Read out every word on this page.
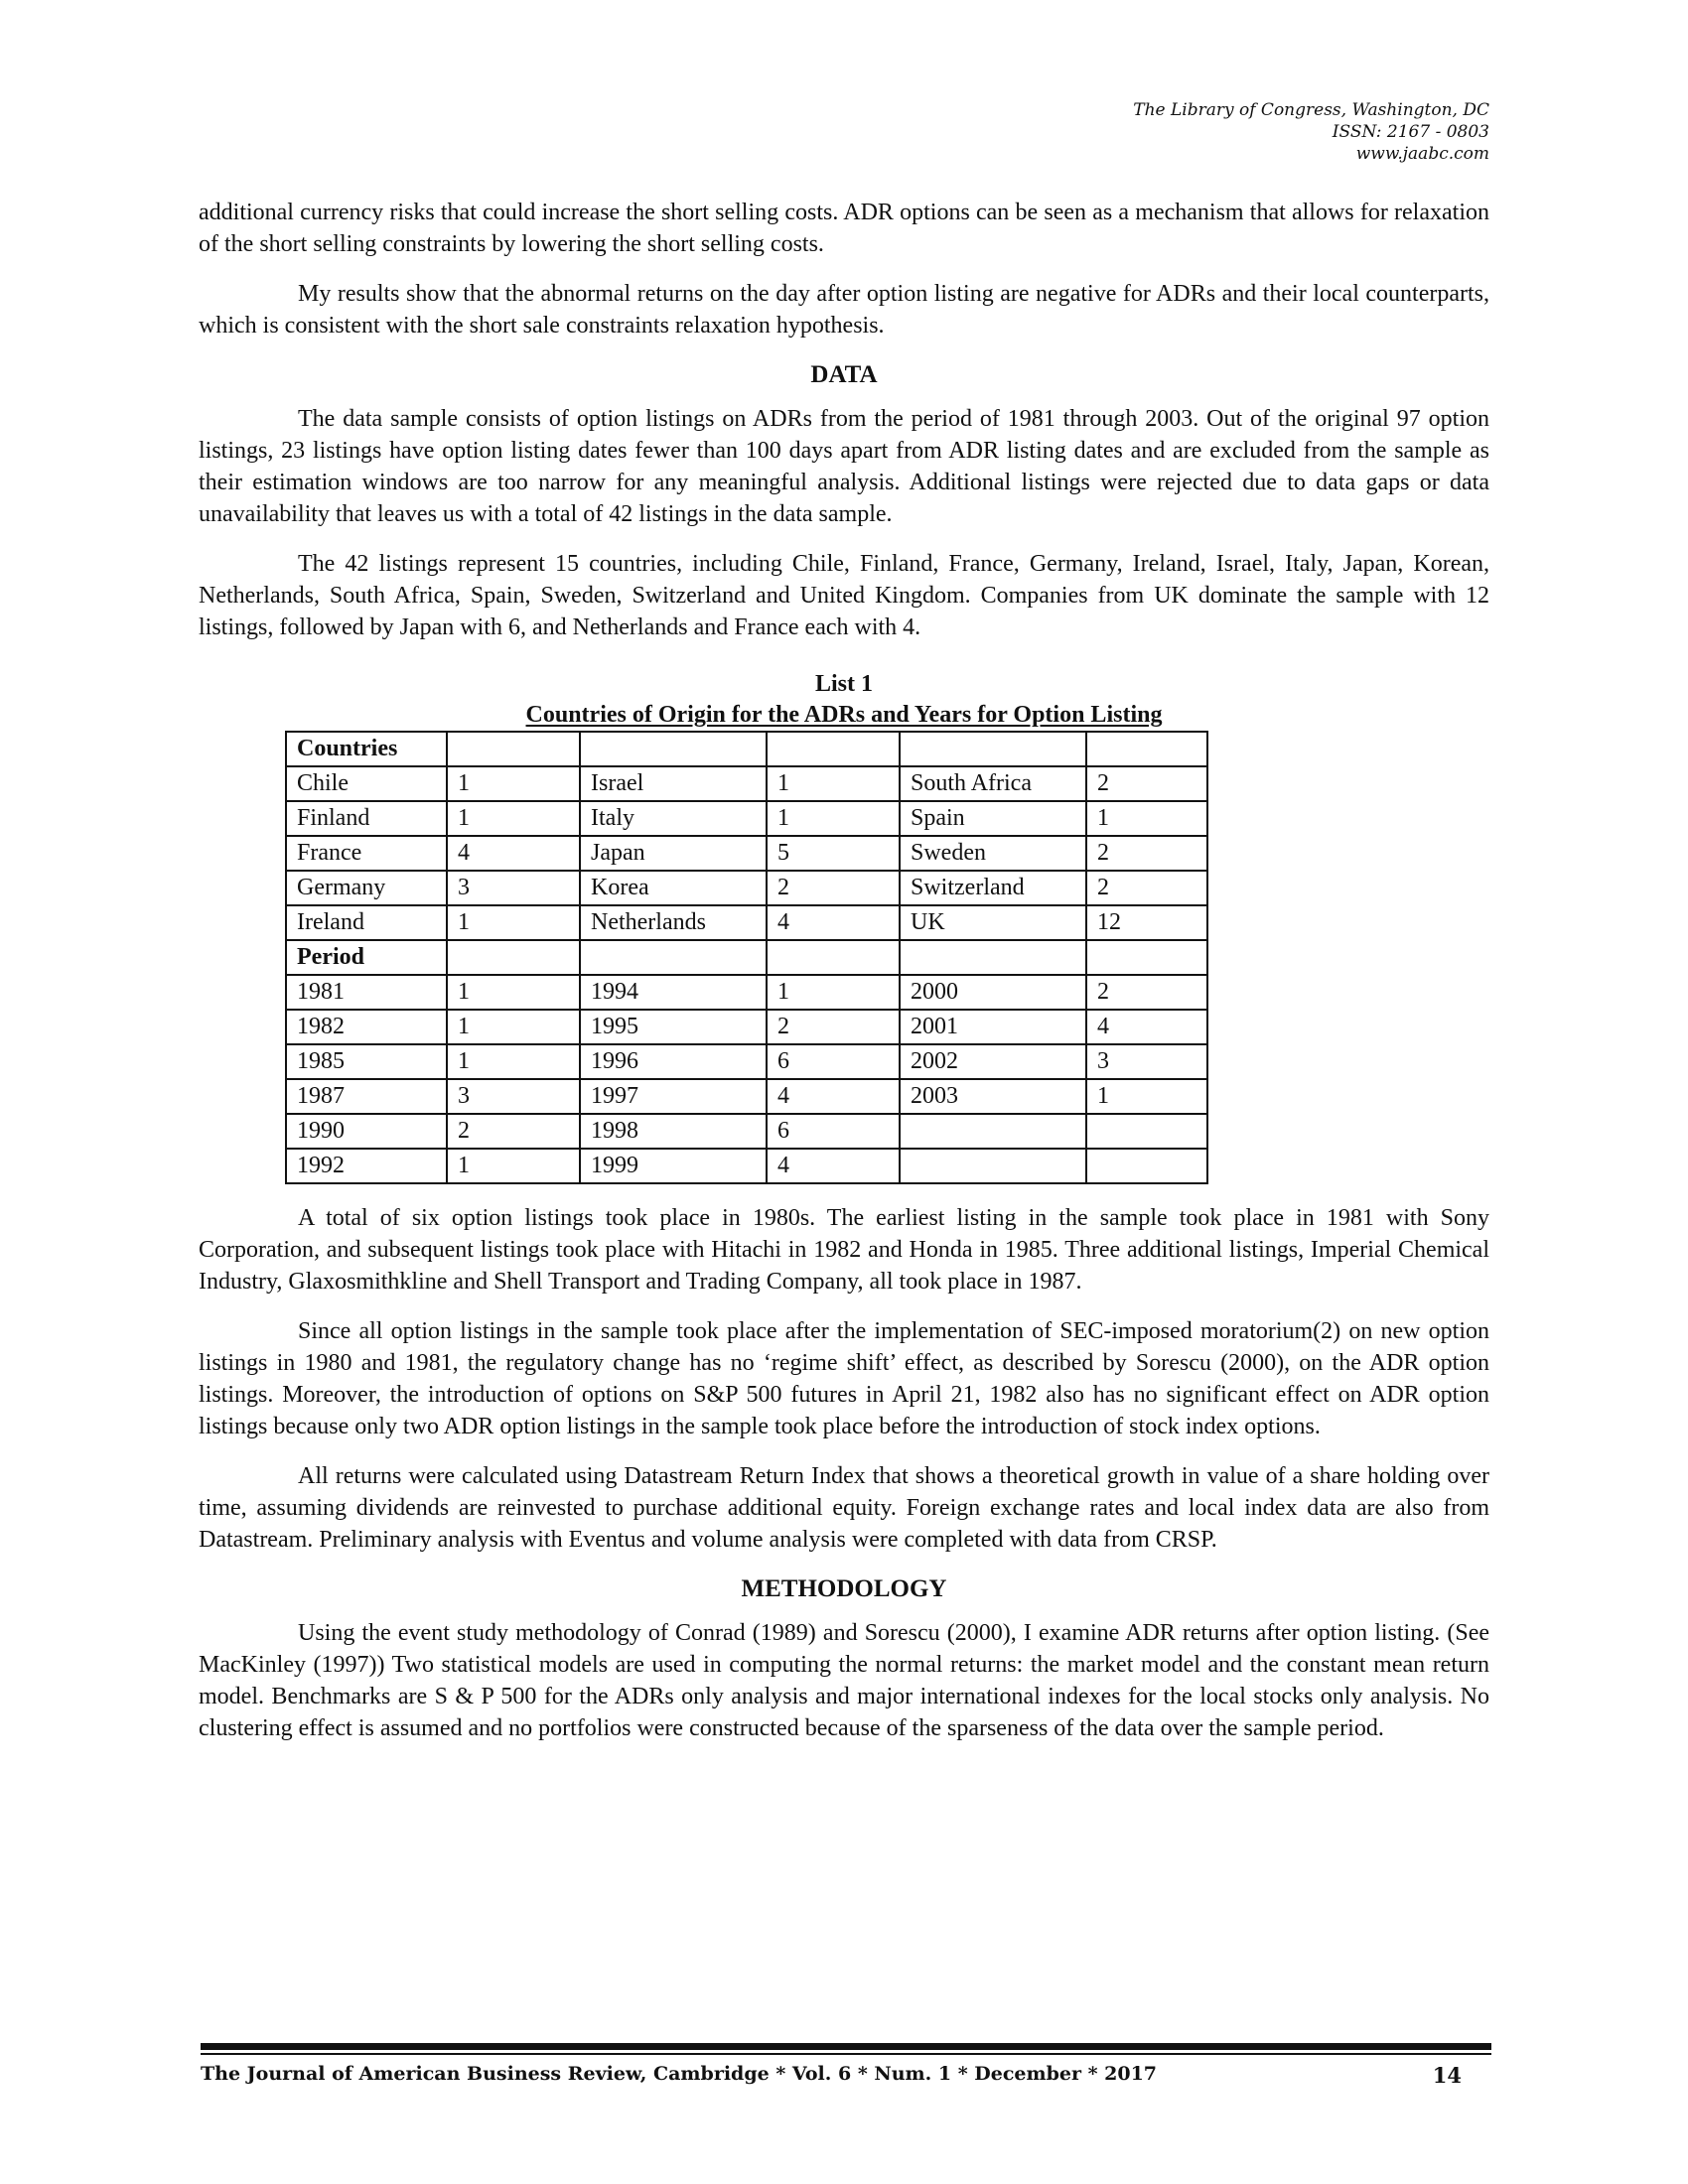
The Library of Congress, Washington, DC
ISSN: 2167 - 0803
www.jaabc.com

additional currency risks that could increase the short selling costs. ADR options can be seen as a mechanism that allows for relaxation of the short selling constraints by lowering the short selling costs.

My results show that the abnormal returns on the day after option listing are negative for ADRs and their local counterparts, which is consistent with the short sale constraints relaxation hypothesis.

DATA

The data sample consists of option listings on ADRs from the period of 1981 through 2003. Out of the original 97 option listings, 23 listings have option listing dates fewer than 100 days apart from ADR listing dates and are excluded from the sample as their estimation windows are too narrow for any meaningful analysis. Additional listings were rejected due to data gaps or data unavailability that leaves us with a total of 42 listings in the data sample.

The 42 listings represent 15 countries, including Chile, Finland, France, Germany, Ireland, Israel, Italy, Japan, Korean, Netherlands, South Africa, Spain, Sweden, Switzerland and United Kingdom. Companies from UK dominate the sample with 12 listings, followed by Japan with 6, and Netherlands and France each with 4.

List 1
Countries of Origin for the ADRs and Years for Option Listing
Countries					
Chile	1	Israel	1	South Africa	2
Finland	1	Italy	1	Spain	1
France	4	Japan	5	Sweden	2
Germany	3	Korea	2	Switzerland	2
Ireland	1	Netherlands	4	UK	12
Period					
1981	1	1994	1	2000	2
1982	1	1995	2	2001	4
1985	1	1996	6	2002	3
1987	3	1997	4	2003	1
1990	2	1998	6		
1992	1	1999	4		

A total of six option listings took place in 1980s. The earliest listing in the sample took place in 1981 with Sony Corporation, and subsequent listings took place with Hitachi in 1982 and Honda in 1985. Three additional listings, Imperial Chemical Industry, Glaxosmithkline and Shell Transport and Trading Company, all took place in 1987.

Since all option listings in the sample took place after the implementation of SEC-imposed moratorium(2) on new option listings in 1980 and 1981, the regulatory change has no ‘regime shift’ effect, as described by Sorescu (2000), on the ADR option listings. Moreover, the introduction of options on S&P 500 futures in April 21, 1982 also has no significant effect on ADR option listings because only two ADR option listings in the sample took place before the introduction of stock index options.

All returns were calculated using Datastream Return Index that shows a theoretical growth in value of a share holding over time, assuming dividends are reinvested to purchase additional equity. Foreign exchange rates and local index data are also from Datastream. Preliminary analysis with Eventus and volume analysis were completed with data from CRSP.

METHODOLOGY

Using the event study methodology of Conrad (1989) and Sorescu (2000), I examine ADR returns after option listing. (See MacKinley (1997)) Two statistical models are used in computing the normal returns: the market model and the constant mean return model. Benchmarks are S & P 500 for the ADRs only analysis and major international indexes for the local stocks only analysis. No clustering effect is assumed and no portfolios were constructed because of the sparseness of the data over the sample period.

The Journal of American Business Review, Cambridge * Vol. 6 * Num. 1 * December * 2017	14
